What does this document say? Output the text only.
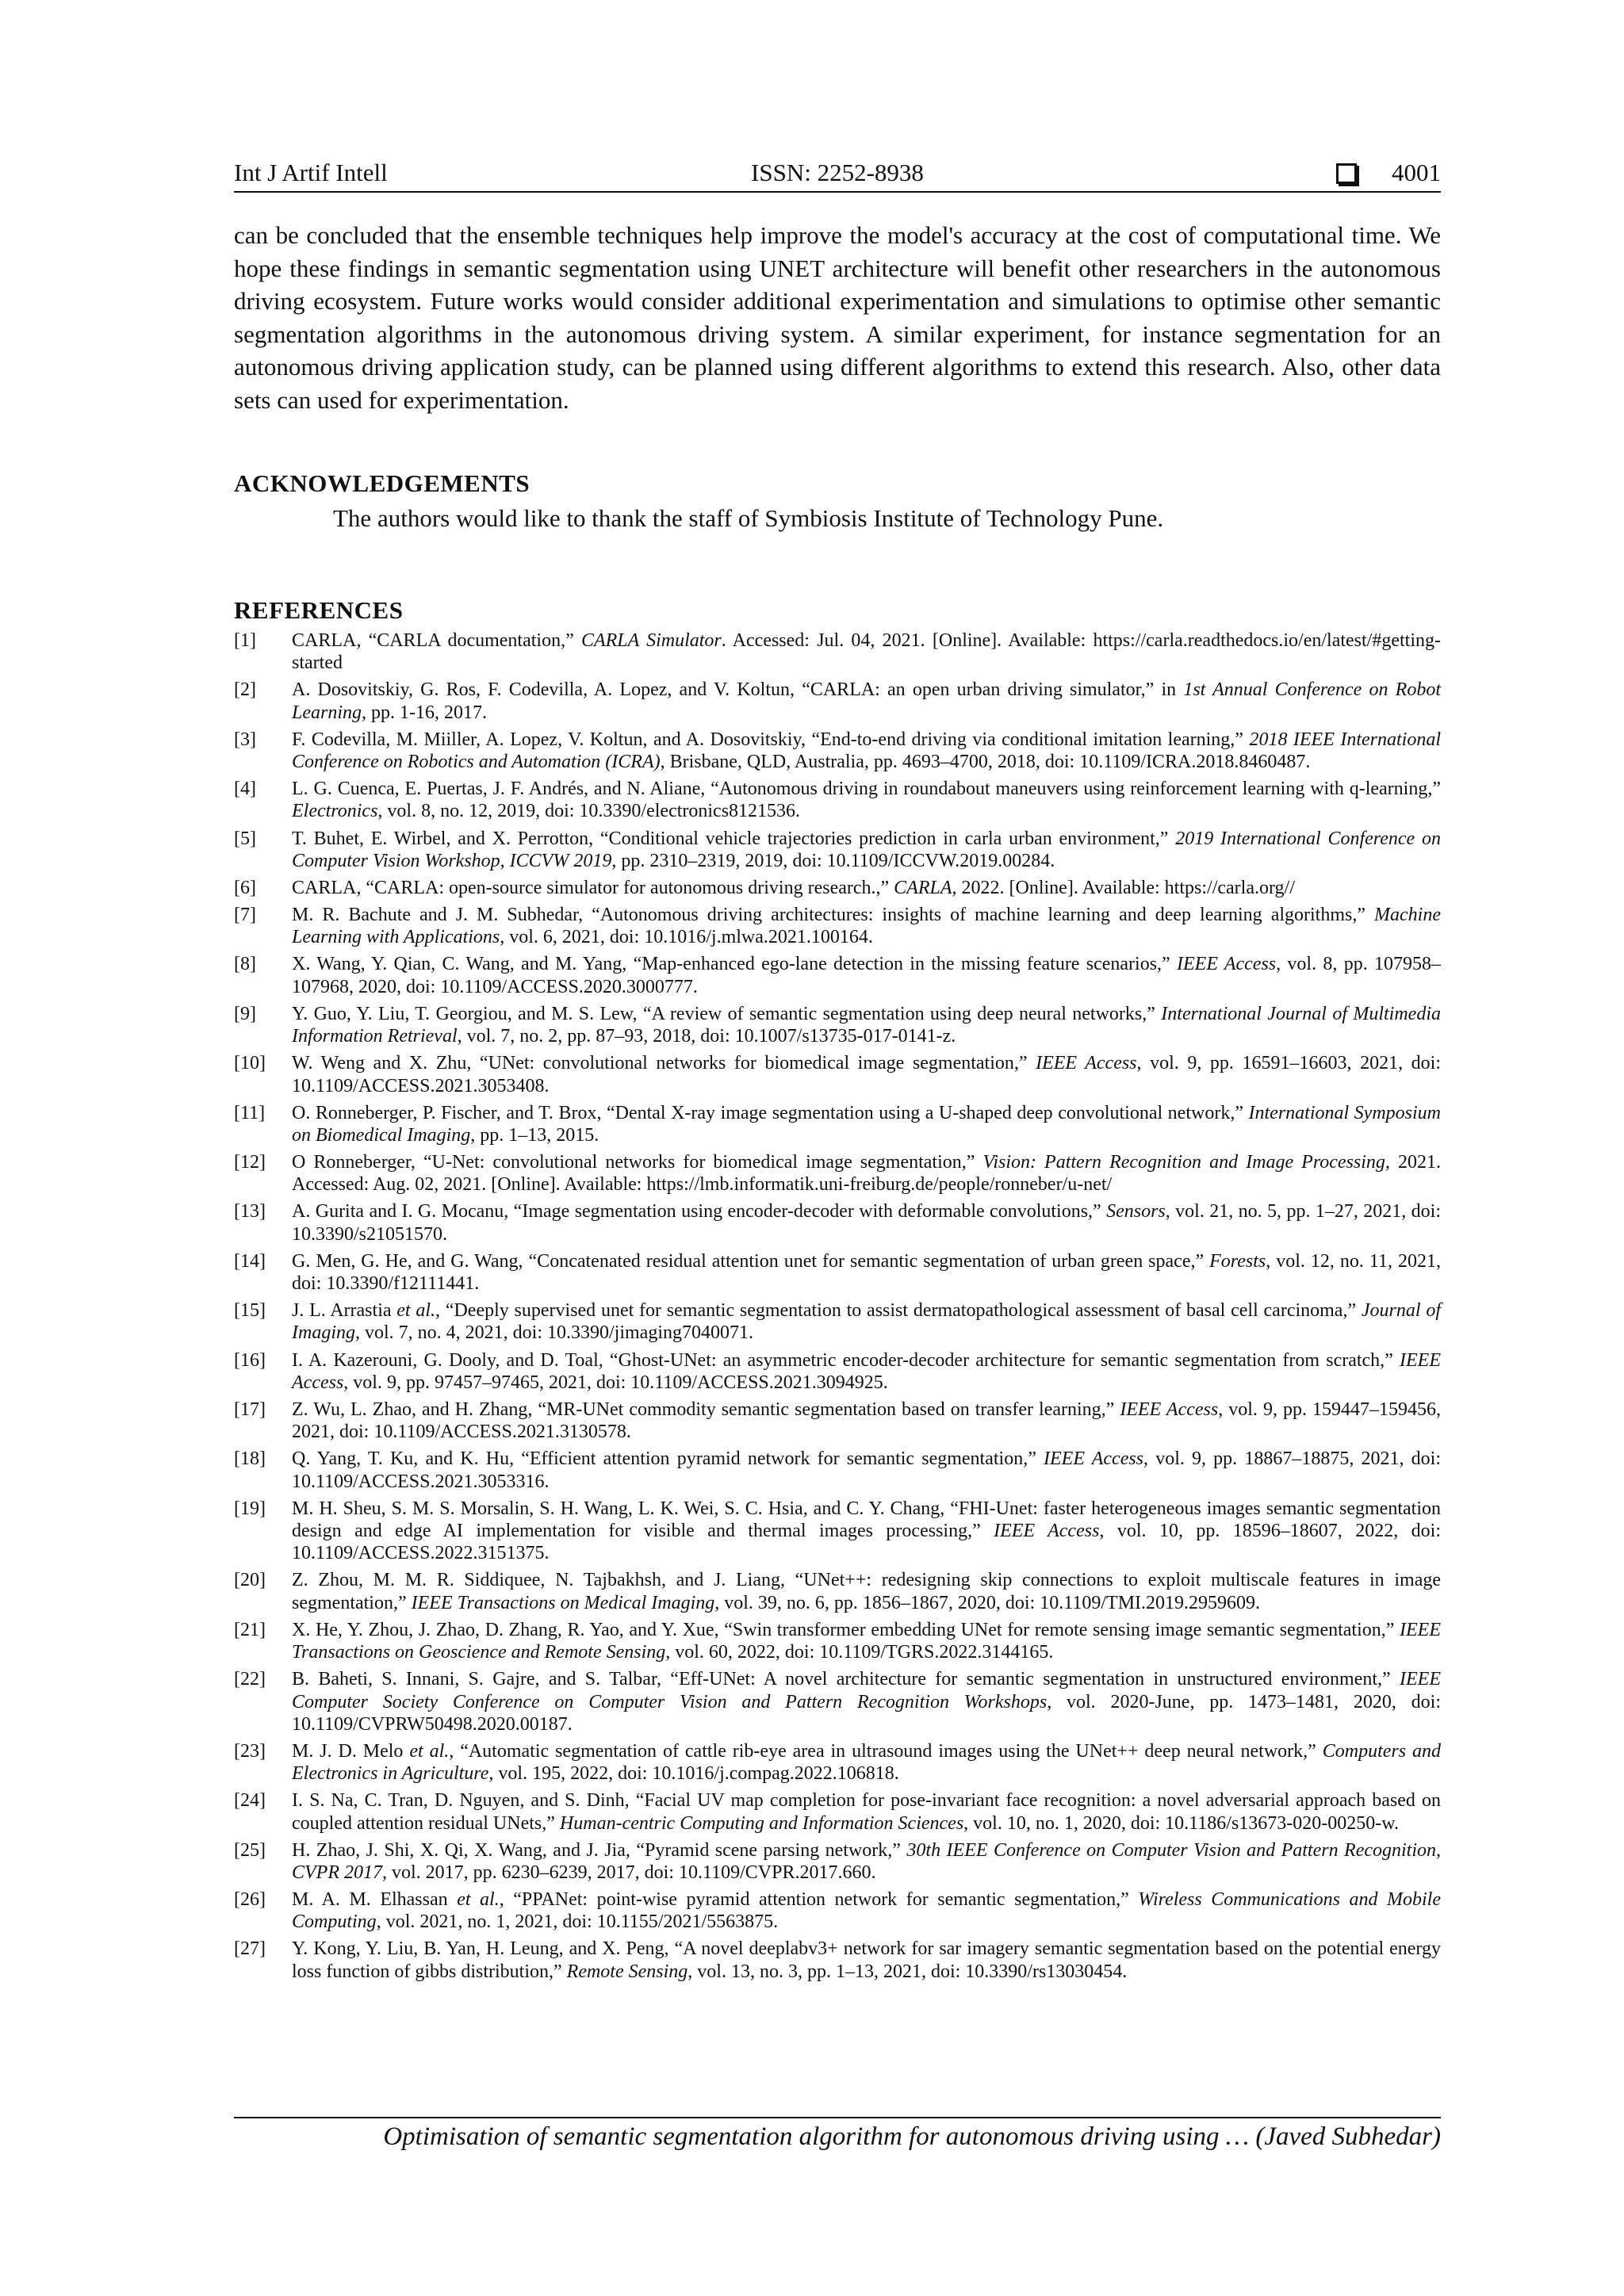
Int J Artif Intell	ISSN: 2252-8938	4001

can be concluded that the ensemble techniques help improve the model's accuracy at the cost of computational time. We hope these findings in semantic segmentation using UNET architecture will benefit other researchers in the autonomous driving ecosystem. Future works would consider additional experimentation and simulations to optimise other semantic segmentation algorithms in the autonomous driving system. A similar experiment, for instance segmentation for an autonomous driving application study, can be planned using different algorithms to extend this research. Also, other data sets can used for experimentation.

ACKNOWLEDGEMENTS

The authors would like to thank the staff of Symbiosis Institute of Technology Pune.

REFERENCES
[1]	CARLA, “CARLA documentation,” CARLA Simulator. Accessed: Jul. 04, 2021. [Online]. Available: https://carla.readthedocs.io/en/latest/#getting-started
[2]	A. Dosovitskiy, G. Ros, F. Codevilla, A. Lopez, and V. Koltun, “CARLA: an open urban driving simulator,” in 1st Annual Conference on Robot Learning, pp. 1-16, 2017.
[3]	F. Codevilla, M. Miiller, A. Lopez, V. Koltun, and A. Dosovitskiy, “End-to-end driving via conditional imitation learning,” 2018 IEEE International Conference on Robotics and Automation (ICRA), Brisbane, QLD, Australia, pp. 4693–4700, 2018, doi: 10.1109/ICRA.2018.8460487.
[4]	L. G. Cuenca, E. Puertas, J. F. Andrés, and N. Aliane, “Autonomous driving in roundabout maneuvers using reinforcement learning with q-learning,” Electronics, vol. 8, no. 12, 2019, doi: 10.3390/electronics8121536.
[5]	T. Buhet, E. Wirbel, and X. Perrotton, “Conditional vehicle trajectories prediction in carla urban environment,” 2019 International Conference on Computer Vision Workshop, ICCVW 2019, pp. 2310–2319, 2019, doi: 10.1109/ICCVW.2019.00284.
[6]	CARLA, “CARLA: open-source simulator for autonomous driving research.,” CARLA, 2022. [Online]. Available: https://carla.org//
[7]	M. R. Bachute and J. M. Subhedar, “Autonomous driving architectures: insights of machine learning and deep learning algorithms,” Machine Learning with Applications, vol. 6, 2021, doi: 10.1016/j.mlwa.2021.100164.
[8]	X. Wang, Y. Qian, C. Wang, and M. Yang, “Map-enhanced ego-lane detection in the missing feature scenarios,” IEEE Access, vol. 8, pp. 107958–107968, 2020, doi: 10.1109/ACCESS.2020.3000777.
[9]	Y. Guo, Y. Liu, T. Georgiou, and M. S. Lew, “A review of semantic segmentation using deep neural networks,” International Journal of Multimedia Information Retrieval, vol. 7, no. 2, pp. 87–93, 2018, doi: 10.1007/s13735-017-0141-z.
[10]	W. Weng and X. Zhu, “UNet: convolutional networks for biomedical image segmentation,” IEEE Access, vol. 9, pp. 16591–16603, 2021, doi: 10.1109/ACCESS.2021.3053408.
[11]	O. Ronneberger, P. Fischer, and T. Brox, “Dental X-ray image segmentation using a U-shaped deep convolutional network,” International Symposium on Biomedical Imaging, pp. 1–13, 2015.
[12]	O Ronneberger, “U-Net: convolutional networks for biomedical image segmentation,” Vision: Pattern Recognition and Image Processing, 2021. Accessed: Aug. 02, 2021. [Online]. Available: https://lmb.informatik.uni-freiburg.de/people/ronneber/u-net/
[13]	A. Gurita and I. G. Mocanu, “Image segmentation using encoder-decoder with deformable convolutions,” Sensors, vol. 21, no. 5, pp. 1–27, 2021, doi: 10.3390/s21051570.
[14]	G. Men, G. He, and G. Wang, “Concatenated residual attention unet for semantic segmentation of urban green space,” Forests, vol. 12, no. 11, 2021, doi: 10.3390/f12111441.
[15]	J. L. Arrastia et al., “Deeply supervised unet for semantic segmentation to assist dermatopathological assessment of basal cell carcinoma,” Journal of Imaging, vol. 7, no. 4, 2021, doi: 10.3390/jimaging7040071.
[16]	I. A. Kazerouni, G. Dooly, and D. Toal, “Ghost-UNet: an asymmetric encoder-decoder architecture for semantic segmentation from scratch,” IEEE Access, vol. 9, pp. 97457–97465, 2021, doi: 10.1109/ACCESS.2021.3094925.
[17]	Z. Wu, L. Zhao, and H. Zhang, “MR-UNet commodity semantic segmentation based on transfer learning,” IEEE Access, vol. 9, pp. 159447–159456, 2021, doi: 10.1109/ACCESS.2021.3130578.
[18]	Q. Yang, T. Ku, and K. Hu, “Efficient attention pyramid network for semantic segmentation,” IEEE Access, vol. 9, pp. 18867–18875, 2021, doi: 10.1109/ACCESS.2021.3053316.
[19]	M. H. Sheu, S. M. S. Morsalin, S. H. Wang, L. K. Wei, S. C. Hsia, and C. Y. Chang, “FHI-Unet: faster heterogeneous images semantic segmentation design and edge AI implementation for visible and thermal images processing,” IEEE Access, vol. 10, pp. 18596–18607, 2022, doi: 10.1109/ACCESS.2022.3151375.
[20]	Z. Zhou, M. M. R. Siddiquee, N. Tajbakhsh, and J. Liang, “UNet++: redesigning skip connections to exploit multiscale features in image segmentation,” IEEE Transactions on Medical Imaging, vol. 39, no. 6, pp. 1856–1867, 2020, doi: 10.1109/TMI.2019.2959609.
[21]	X. He, Y. Zhou, J. Zhao, D. Zhang, R. Yao, and Y. Xue, “Swin transformer embedding UNet for remote sensing image semantic segmentation,” IEEE Transactions on Geoscience and Remote Sensing, vol. 60, 2022, doi: 10.1109/TGRS.2022.3144165.
[22]	B. Baheti, S. Innani, S. Gajre, and S. Talbar, “Eff-UNet: A novel architecture for semantic segmentation in unstructured environment,” IEEE Computer Society Conference on Computer Vision and Pattern Recognition Workshops, vol. 2020-June, pp. 1473–1481, 2020, doi: 10.1109/CVPRW50498.2020.00187.
[23]	M. J. D. Melo et al., “Automatic segmentation of cattle rib-eye area in ultrasound images using the UNet++ deep neural network,” Computers and Electronics in Agriculture, vol. 195, 2022, doi: 10.1016/j.compag.2022.106818.
[24]	I. S. Na, C. Tran, D. Nguyen, and S. Dinh, “Facial UV map completion for pose-invariant face recognition: a novel adversarial approach based on coupled attention residual UNets,” Human-centric Computing and Information Sciences, vol. 10, no. 1, 2020, doi: 10.1186/s13673-020-00250-w.
[25]	H. Zhao, J. Shi, X. Qi, X. Wang, and J. Jia, “Pyramid scene parsing network,” 30th IEEE Conference on Computer Vision and Pattern Recognition, CVPR 2017, vol. 2017, pp. 6230–6239, 2017, doi: 10.1109/CVPR.2017.660.
[26]	M. A. M. Elhassan et al., “PPANet: point-wise pyramid attention network for semantic segmentation,” Wireless Communications and Mobile Computing, vol. 2021, no. 1, 2021, doi: 10.1155/2021/5563875.
[27]	Y. Kong, Y. Liu, B. Yan, H. Leung, and X. Peng, “A novel deeplabv3+ network for sar imagery semantic segmentation based on the potential energy loss function of gibbs distribution,” Remote Sensing, vol. 13, no. 3, pp. 1–13, 2021, doi: 10.3390/rs13030454.
Optimisation of semantic segmentation algorithm for autonomous driving using … (Javed Subhedar)
